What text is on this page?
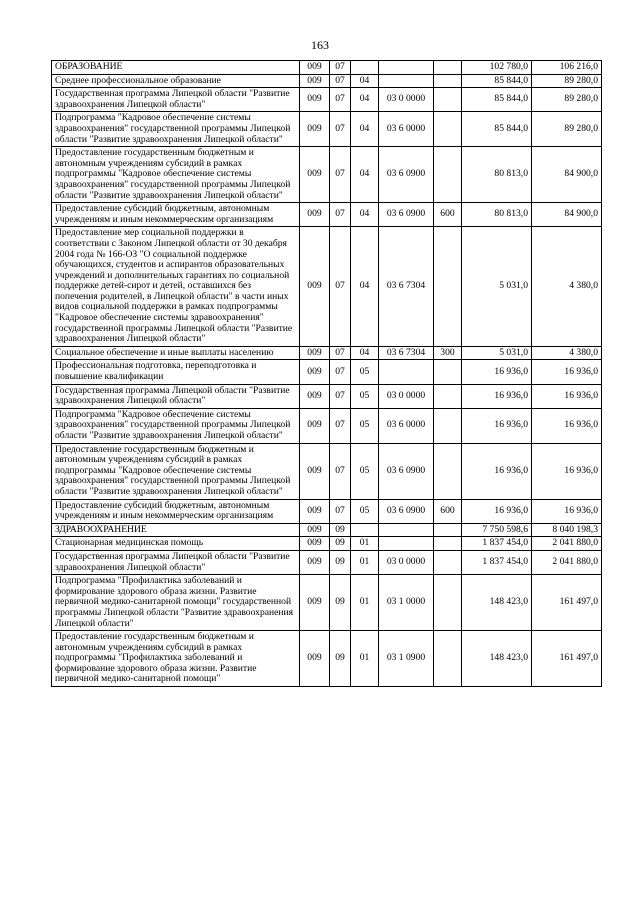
163
ОБРАЗОВАНИЕ	009	07				102 780,0	106 216,0
Среднее профессиональное образование	009	07	04			85 844,0	89 280,0
Государственная программа Липецкой области "Развитие здравоохранения Липецкой области"	009	07	04	03 0 0000		85 844,0	89 280,0
Подпрограмма "Кадровое обеспечение системы здравоохранения" государственной программы Липецкой области "Развитие здравоохранения Липецкой области"	009	07	04	03 6 0000		85 844,0	89 280,0
Предоставление государственным бюджетным и автономным учреждениям субсидий в рамках подпрограммы "Кадровое обеспечение системы здравоохранения" государственной программы Липецкой области "Развитие здравоохранения Липецкой области"	009	07	04	03 6 0900		80 813,0	84 900,0
Предоставление субсидий бюджетным, автономным учреждениям и иным некоммерческим организациям	009	07	04	03 6 0900	600	80 813,0	84 900,0
Предоставление мер социальной поддержки в соответствии с Законом Липецкой области от 30 декабря 2004 года № 166-ОЗ "О социальной поддержке обучающихся, студентов и аспирантов образовательных учреждений и дополнительных гарантиях по социальной поддержке детей-сирот и детей, оставшихся без попечения родителей, в Липецкой области" в части иных видов социальной поддержки в рамках подпрограммы "Кадровое обеспечение системы здравоохранения" государственной программы Липецкой области "Развитие здравоохранения Липецкой области"	009	07	04	03 6 7304		5 031,0	4 380,0
Социальное обеспечение и иные выплаты населению	009	07	04	03 6 7304	300	5 031,0	4 380,0
Профессиональная подготовка, переподготовка и повышение квалификации	009	07	05			16 936,0	16 936,0
Государственная программа Липецкой области "Развитие здравоохранения Липецкой области"	009	07	05	03 0 0000		16 936,0	16 936,0
Подпрограмма "Кадровое обеспечение системы здравоохранения" государственной программы Липецкой области "Развитие здравоохранения Липецкой области"	009	07	05	03 6 0000		16 936,0	16 936,0
Предоставление государственным бюджетным и автономным учреждениям субсидий в рамках подпрограммы "Кадровое обеспечение системы здравоохранения" государственной программы Липецкой области "Развитие здравоохранения Липецкой области"	009	07	05	03 6 0900		16 936,0	16 936,0
Предоставление субсидий бюджетным, автономным учреждениям и иным некоммерческим организациям	009	07	05	03 6 0900	600	16 936,0	16 936,0
ЗДРАВООХРАНЕНИЕ	009	09				7 750 598,6	8 040 198,3
Стационарная медицинская помощь	009	09	01			1 837 454,0	2 041 880,0
Государственная программа Липецкой области "Развитие здравоохранения Липецкой области"	009	09	01	03 0 0000		1 837 454,0	2 041 880,0
Подпрограмма "Профилактика заболеваний и формирование здорового образа жизни. Развитие первичной медико-санитарной помощи" государственной программы Липецкой области "Развитие здравоохранения Липецкой области"	009	09	01	03 1 0000		148 423,0	161 497,0
Предоставление государственным бюджетным и автономным учреждениям субсидий в рамках подпрограммы "Профилактика заболеваний и формирование здорового образа жизни. Развитие первичной медико-санитарной помощи"	009	09	01	03 1 0900		148 423,0	161 497,0
